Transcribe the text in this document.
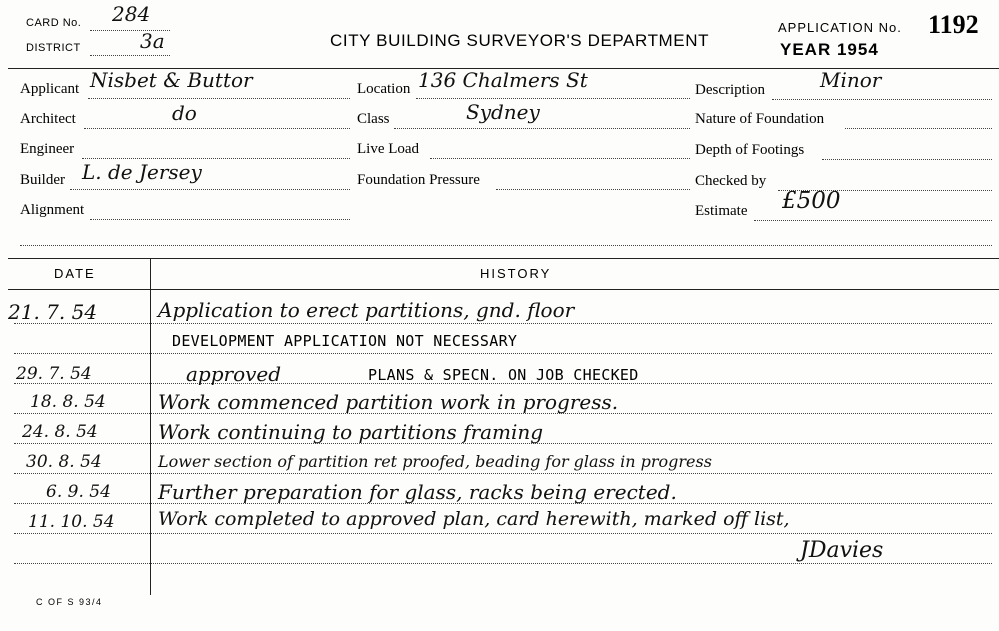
CARD No. 284
DISTRICT	3a	CITY BUILDING SURVEYOR'S DEPARTMENT
APPLICATION No. 1192
YEAR 1954
Applicant Nisbet & Buttor
Architect	do
Engineer
Builder L. de Jersey
Alignment
Location 136 Chalmers St
Class	Sydney
Live Load
Foundation Pressure
Description	Minor
Nature of Foundation
Depth of Footings
Checked by
Estimate £500
DATE	HISTORY
21. 7. 54	Application to erect partitions, gnd. floor
DEVELOPMENT APPLICATION NOT NECESSARY
29. 7. 54	approved	PLANS & SPECN. ON JOB CHECKED
18. 8. 54	Work commenced partition work in progress.
24. 8. 54	Work continuing to partitions framing
30. 8. 54	Lower section of partition ret proofed, beading for glass in progress
6. 9. 54 Further preparation for glass, racks being erected.
11. 10. 54 Work completed to approved plan, card herewith, marked off list,
JDavies
C OF S 93/4
